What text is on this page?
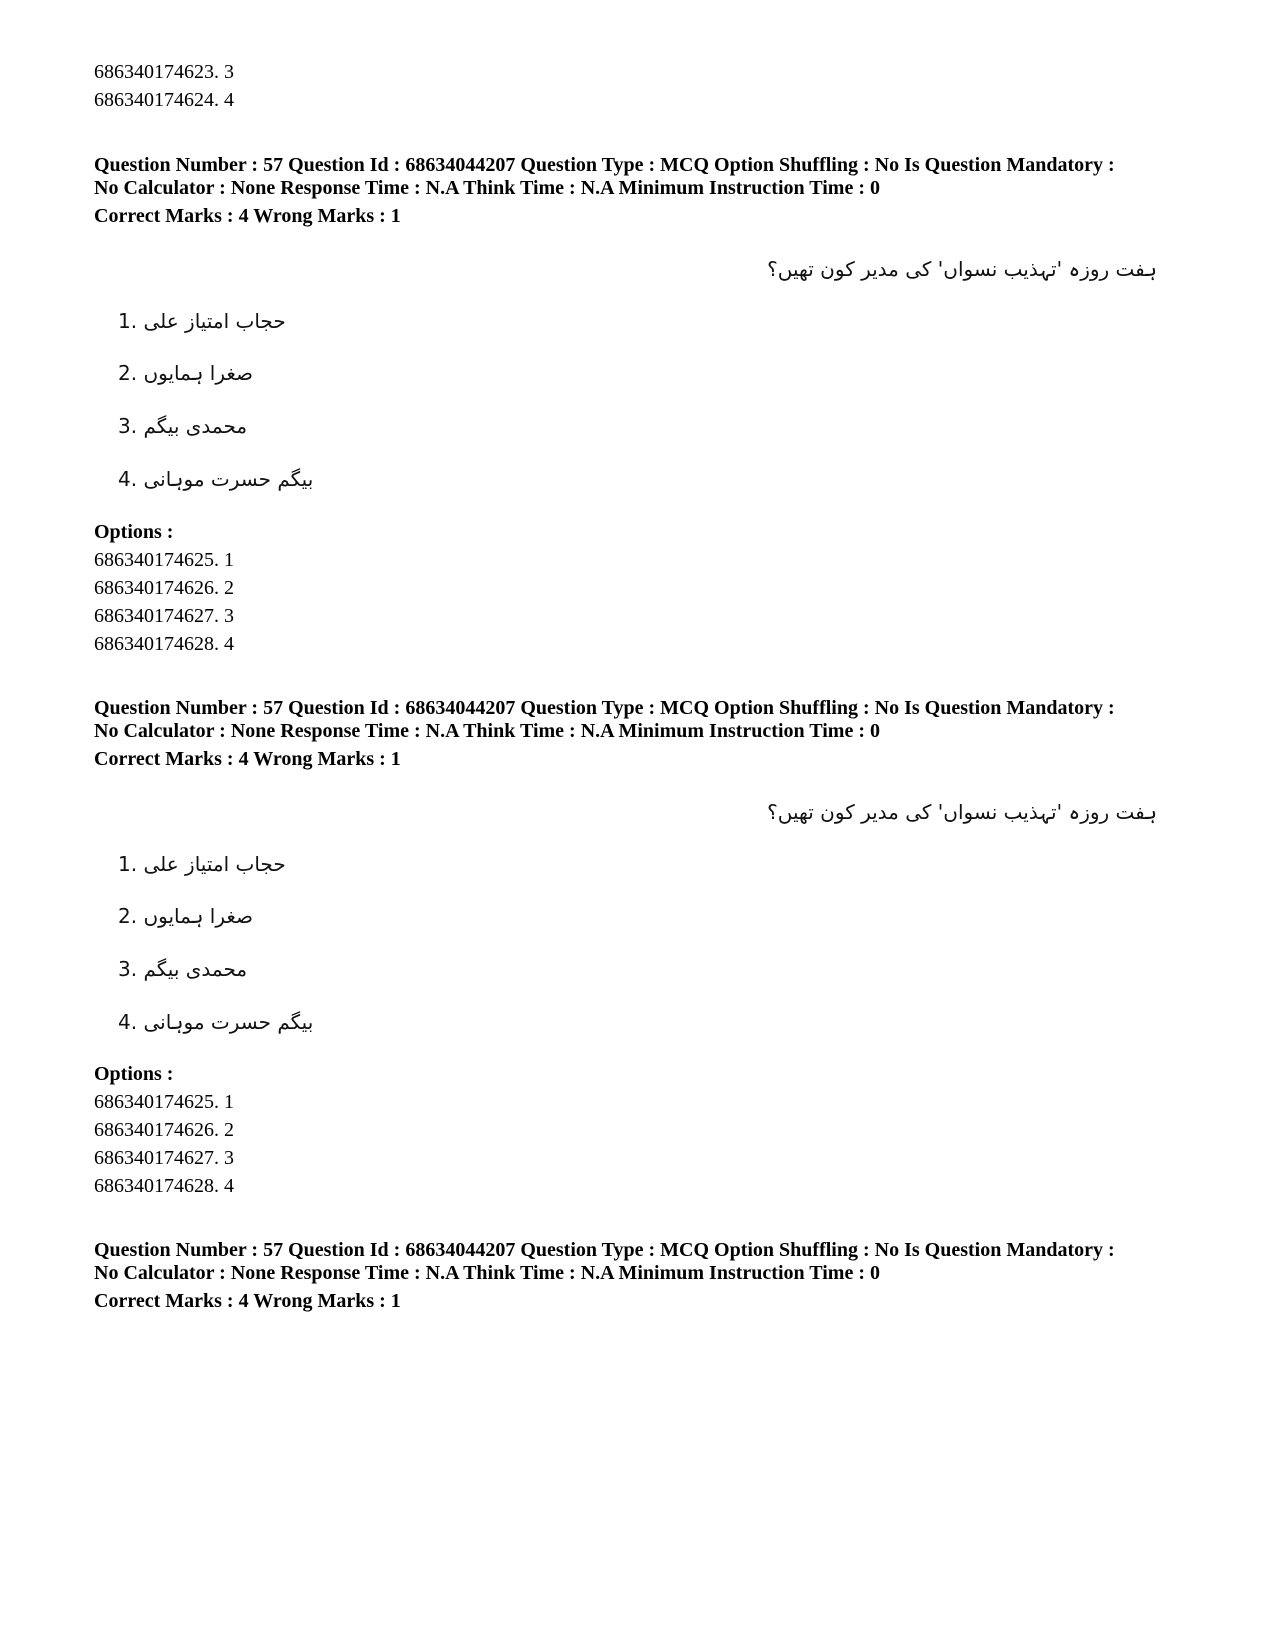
686340174623. 3
686340174624. 4
Question Number : 57 Question Id : 68634044207 Question Type : MCQ Option Shuffling : No Is Question Mandatory :
No Calculator : None Response Time : N.A Think Time : N.A Minimum Instruction Time : 0
Correct Marks : 4 Wrong Marks : 1
ہفت روزہ 'تہذیب نسواں' کی مدیر کون تھیں؟
1. حجاب امتیاز علی
2. صغرا ہمایوں
3. محمدی بیگم
4. بیگم حسرت موہانی
Options :
686340174625. 1
686340174626. 2
686340174627. 3
686340174628. 4
Question Number : 57 Question Id : 68634044207 Question Type : MCQ Option Shuffling : No Is Question Mandatory :
No Calculator : None Response Time : N.A Think Time : N.A Minimum Instruction Time : 0
Correct Marks : 4 Wrong Marks : 1
ہفت روزہ 'تہذیب نسواں' کی مدیر کون تھیں؟
1. حجاب امتیاز علی
2. صغرا ہمایوں
3. محمدی بیگم
4. بیگم حسرت موہانی
Options :
686340174625. 1
686340174626. 2
686340174627. 3
686340174628. 4
Question Number : 57 Question Id : 68634044207 Question Type : MCQ Option Shuffling : No Is Question Mandatory :
No Calculator : None Response Time : N.A Think Time : N.A Minimum Instruction Time : 0
Correct Marks : 4 Wrong Marks : 1
